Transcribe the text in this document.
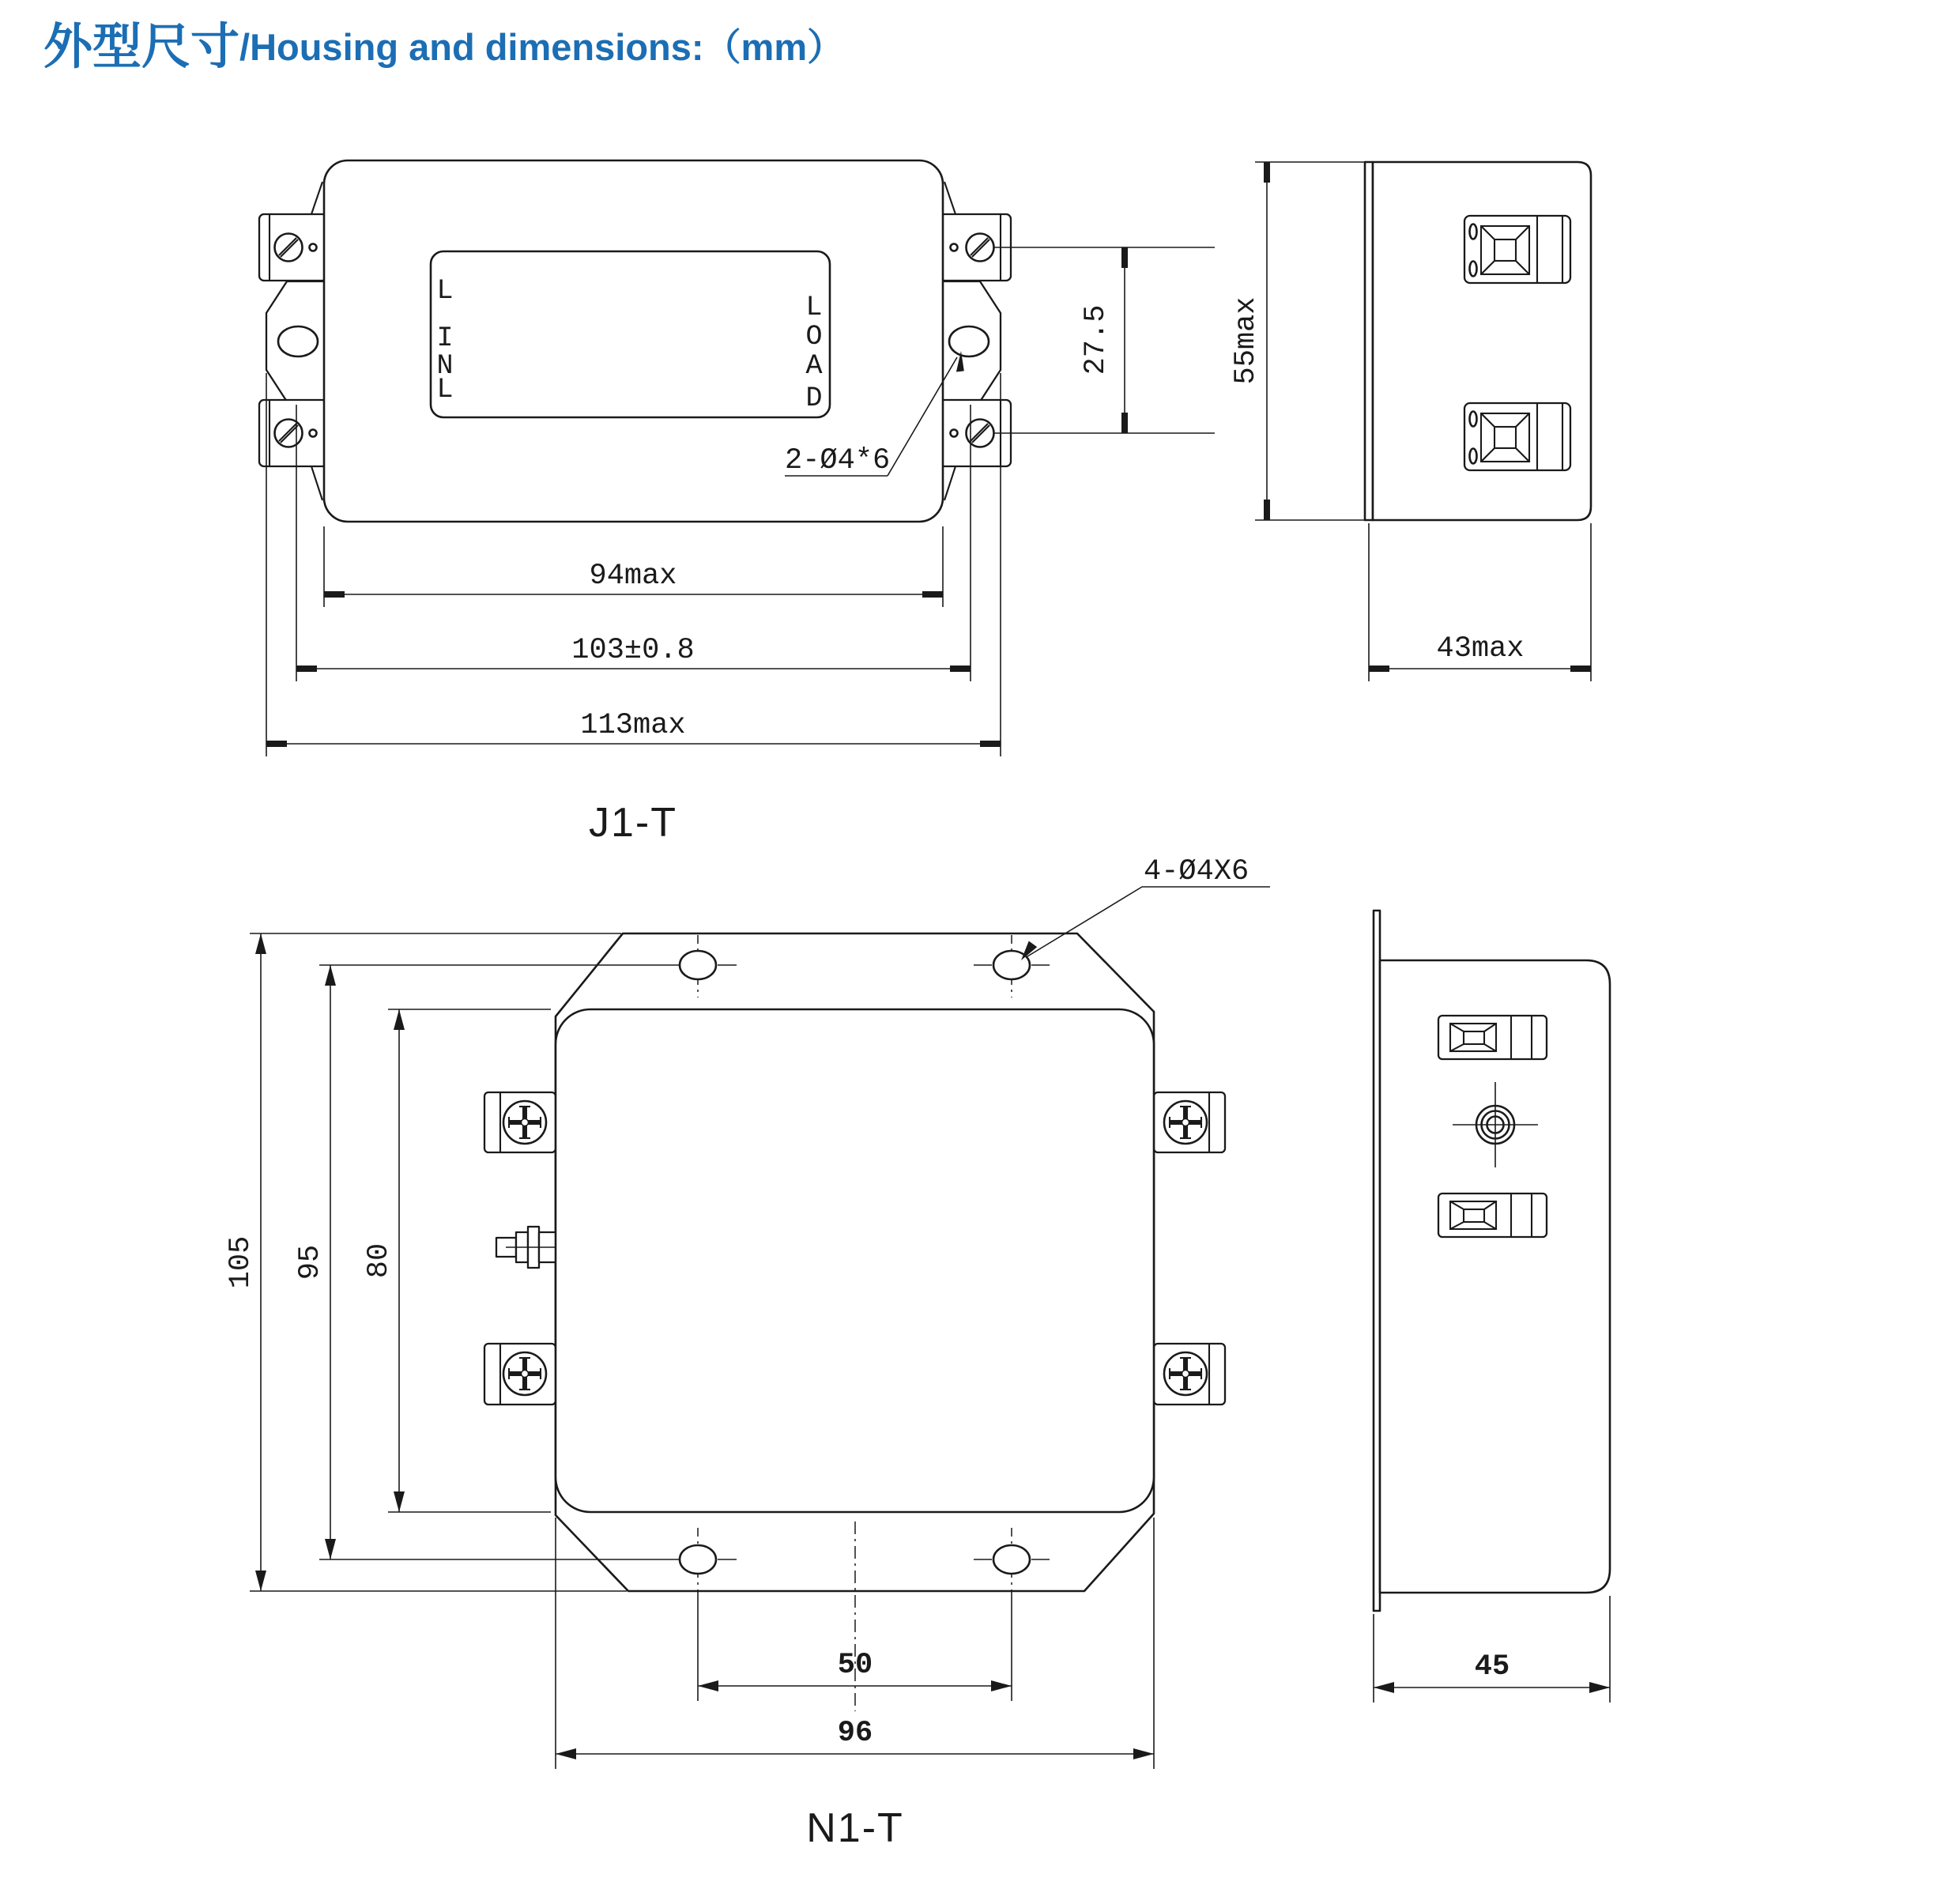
外型尺寸/Housing and dimensions:（mm）
L
I
N
L
L
O
A
D
27.5
2-Ø4*6
94max
103±0.8
113max
J1-T
55max
43max
4-Ø4X6
105 95 80
50
96
N1-T
45
